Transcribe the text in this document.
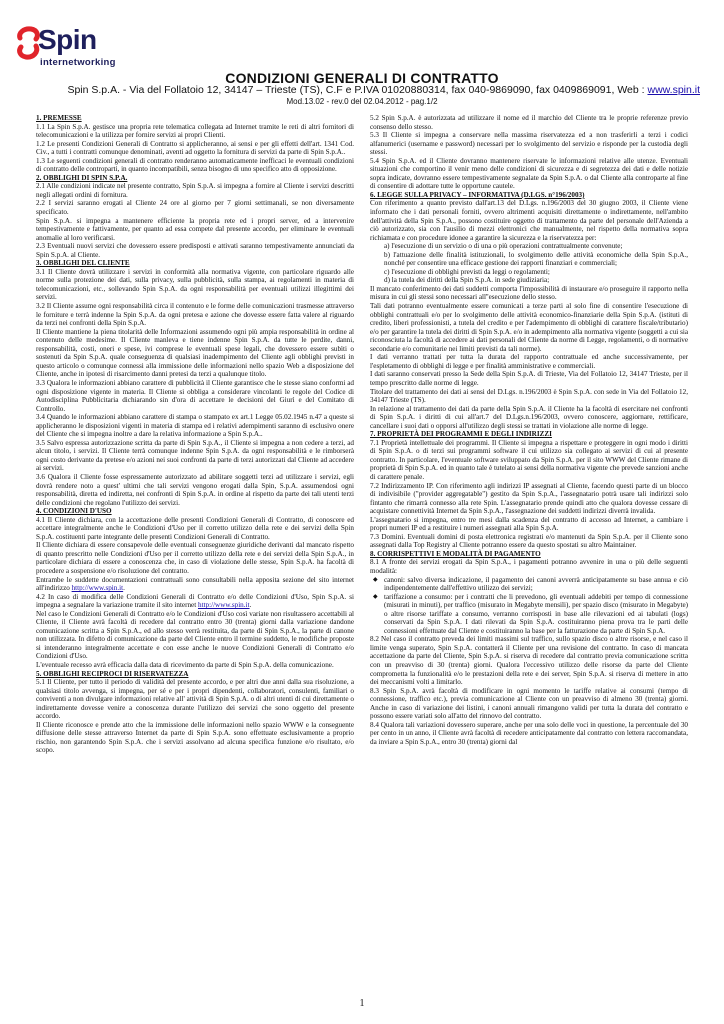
Spin
internetworking
CONDIZIONI GENERALI DI CONTRATTO
Spin S.p.A. - Via del Follatoio 12, 34147 – Trieste (TS), C.F e P.IVA 01020880314, fax 040-9869090, fax 0409869091, Web : www.spin.it
Mod.13.02 - rev.0 del 02.04.2012 - pag.1/2

1. PREMESSE

1.1 La Spin S.p.A. gestisce una propria rete telematica collegata ad Internet tramite le reti di altri fornitori di telecomunicazioni e la utilizza per fornire servizi ai propri Clienti.

1.2 Le presenti Condizioni Generali di Contratto si applicheranno, ai sensi e per gli effetti dell'art. 1341 Cod. Civ., a tutti i contratti comunque denominati, aventi ad oggetto la fornitura di servizi da parte di Spin S.p.A..

1.3 Le seguenti condizioni generali di contratto renderanno automaticamente inefficaci le eventuali condizioni di contratto delle controparti, in quanto incompatibili, senza bisogno di uno specifico atto di opposizione.

2. OBBLIGHI DI SPIN S.P.A.

2.1 Alle condizioni indicate nel presente contratto, Spin S.p.A. si impegna a fornire al Cliente i servizi descritti negli allegati ordini di fornitura.

2.2 I servizi saranno erogati al Cliente 24 ore al giorno per 7 giorni settimanali, se non diversamente specificato.

Spin S.p.A. si impegna a mantenere efficiente la propria rete ed i propri server, ed a intervenire tempestivamente e fattivamente, per quanto ad essa compete dal presente accordo, per eliminare le eventuali anomalie al loro verificarsi.

2.3 Eventuali nuovi servizi che dovessero essere predisposti e attivati saranno tempestivamente annunciati da Spin S.p.A. al Cliente.

3. OBBLIGHI DEL CLIENTE

3.1 Il Cliente dovrà utilizzare i servizi in conformità alla normativa vigente, con particolare riguardo alle norme sulla protezione dei dati, sulla privacy, sulla pubblicità, sulla stampa, ai regolamenti in materia di telecomunicazioni, etc., sollevando Spin S.p.A. da ogni responsabilità per eventuali utilizzi illegittimi dei servizi.

3.2 Il Cliente assume ogni responsabilità circa il contenuto e le forme delle comunicazioni trasmesse attraverso le forniture e terrà indenne la Spin S.p.A. da ogni pretesa e azione che dovesse essere fatta valere al riguardo da terzi nei confronti della Spin S.p.A.

Il Cliente mantiene la piena titolarità delle Informazioni assumendo ogni più ampia responsabilità in ordine al contenuto delle medesime. Il Cliente manleva e tiene indenne Spin S.p.A. da tutte le perdite, danni, responsabilità, costi, oneri e spese, ivi comprese le eventuali spese legali, che dovessero essere subìti o sostenuti da Spin S.p.A. quale conseguenza di qualsiasi inadempimento del Cliente agli obblighi previsti in questo articolo o comunque connessi alla immissione delle informazioni nello spazio Web a disposizione del Cliente, anche in ipotesi di risarcimento danni pretesi da terzi a qualunque titolo.

3.3 Qualora le informazioni abbiano carattere di pubblicità il Cliente garantisce che le stesse siano conformi ad ogni disposizione vigente in materia. Il Cliente si obbliga a considerare vincolanti le regole del Codice di Autodisciplina Pubblicitaria dichiarando sin d'ora di accettare le decisioni del Giurì e del Comitato di Controllo.

3.4 Quando le informazioni abbiano carattere di stampa o stampato ex art.1 Legge 05.02.1945 n.47 a queste si applicheranno le disposizioni vigenti in materia di stampa ed i relativi adempimenti saranno di esclusivo onere del Cliente che si impegna inoltre a dare la relativa informazione a Spin S.p.A..

3.5 Salvo espressa autorizzazione scritta da parte di Spin S.p.A., il Cliente si impegna a non cedere a terzi, ad alcun titolo, i servizi. Il Cliente terrà comunque indenne Spin S.p.A. da ogni responsabilità e le rimborserà ogni costo derivante da pretese e/o azioni nei suoi confronti da parte di terzi autorizzati dal Cliente ad accedere ai servizi.

3.6 Qualora il Cliente fosse espressamente autorizzato ad abilitare soggetti terzi ad utilizzare i servizi, egli dovrà rendere noto a quest' ultimi che tali servizi vengono erogati dalla Spin, S.p.A. assumendosi ogni responsabilità, diretta ed indiretta, nei confronti di Spin S.p.A. in ordine al rispetto da parte dei tali utenti terzi delle condizioni che regolano l'utilizzo dei servizi.

4. CONDIZIONI D'USO

4.1 Il Cliente dichiara, con la accettazione delle presenti Condizioni Generali di Contratto, di conoscere ed accettare integralmente anche le Condizioni d'Uso per il corretto utilizzo della rete e dei servizi della Spin S.p.A. costituenti parte integrante delle presenti Condizioni Generali di Contratto.

Il Cliente dichiara di essere consapevole delle eventuali conseguenze giuridiche derivanti dal mancato rispetto di quanto prescritto nelle Condizioni d'Uso per il corretto utilizzo della rete e dei servizi della Spin S.p.A., in particolare dichiara di essere a conoscenza che, in caso di violazione delle stesse, Spin S.p.A. ha facoltà di procedere a sospensione e/o risoluzione del contratto.

Entrambe le suddette documentazioni contrattuali sono consultabili nella apposita sezione del sito internet all'indirizzo http://www.spin.it.

4.2 In caso di modifica delle Condizioni Generali di Contratto e/o delle Condizioni d'Uso, Spin S.p.A. si impegna a segnalare la variazione tramite il sito internet http://www.spin.it.

Nel caso le Condizioni Generali di Contratto e/o le Condizioni d'Uso così variate non risultassero accettabili al Cliente, il Cliente avrà facoltà di recedere dal contratto entro 30 (trenta) giorni dalla variazione dandone comunicazione scritta a Spin S.p.A., ed allo stesso verrà restituita, da parte di Spin S.p.A., la parte di canone non utilizzata. In difetto di comunicazione da parte del Cliente entro il termine suddetto, le modifiche proposte si intenderanno integralmente accettate e con esse anche le nuove Condizioni Generali di Contratto e/o Condizioni d'Uso.

L'eventuale recesso avrà efficacia dalla data di ricevimento da parte di Spin S.p.A. della comunicazione.

5. OBBLIGHI RECIPROCI DI RISERVATEZZA

5.1 Il Cliente, per tutto il periodo di validità del presente accordo, e per altri due anni dalla sua risoluzione, a qualsiasi titolo avvenga, si impegna, per sé e per i propri dipendenti, collaboratori, consulenti, familiari o conviventi a non divulgare informazioni relative all' attività di Spin S.p.A. o di altri utenti di cui direttamente o indirettamente dovesse venire a conoscenza durante l'utilizzo dei servizi che sono oggetto del presente accordo.

Il Cliente riconosce e prende atto che la immissione delle informazioni nello spazio WWW e la conseguente diffusione delle stesse attraverso Internet da parte di Spin S.p.A. sono effettuate esclusivamente a proprio rischio, non garantendo Spin S.p.A. che i servizi assolvano ad alcuna specifica funzione e/o risultato, e/o scopo.

5.2 Spin S.p.A. è autorizzata ad utilizzare il nome ed il marchio del Cliente tra le proprie referenze previo consenso dello stesso.

5.3 Il Cliente si impegna a conservare nella massima riservatezza ed a non trasferirli a terzi i codici alfanumerici (username e password) necessari per lo svolgimento del servizio e risponde per la custodia degli stessi.

5.4 Spin S.p.A. ed il Cliente dovranno mantenere riservate le informazioni relative alle utenze. Eventuali situazioni che comportino il venir meno delle condizioni di sicurezza e di segretezza dei dati e delle notizie sopra indicate, dovranno essere tempestivamente segnalate da Spin S.p.A. o dal Cliente alla controparte al fine di consentire di adottare tutte le opportune cautele.

6. LEGGE SULLA PRIVACY – INFORMATIVA (D.LGS. n°196/2003)

Con riferimento a quanto previsto dall'art.13 del D.Lgs. n.196/2003 del 30 giugno 2003, il Cliente viene informato che i dati personali forniti, ovvero altrimenti acquisiti direttamente o indirettamente, nell'ambito dell'attività della Spin S.p.A., possono costituire oggetto di trattamento da parte del personale dell'Azienda a ciò autorizzato, sia con l'ausilio di mezzi elettronici che manualmente, nel rispetto della normativa sopra richiamata e con procedure idonee a garantire la sicurezza e la riservatezza per:

a) l'esecuzione di un servizio o di una o più operazioni contrattualmente convenute;
b) l'attuazione delle finalità istituzionali, lo svolgimento delle attività economiche della Spin S.p.A., nonché per consentire una efficace gestione dei rapporti finanziari e commerciali;
c) l'esecuzione di obblighi previsti da leggi o regolamenti;
d) la tutela dei diritti della Spin S.p.A. in sede giudiziaria;

Il mancato conferimento dei dati suddetti comporta l'impossibilità di instaurare e/o proseguire il rapporto nella misura in cui gli stessi sono necessari all''esecuzione dello stesso.

Tali dati potranno eventualmente essere comunicati a terze parti al solo fine di consentire l'esecuzione di obblighi contrattuali e/o per lo svolgimento delle attività economico-finanziarie della Spin S.p.A. (istituti di credito, liberi professionisti, a tutela del credito e per l'adempimento di obblighi di carattere fiscale/tributario) e/o per garantire la tutela dei diritti di Spin S.p.A. e/o in adempimento alla normativa vigente (soggetti a cui sia riconosciuta la facoltà di accedere ai dati personali del Cliente da norme di Legge, regolamenti, o di normative secondarie e/o comunitarie nei limiti previsti da tali norme).

I dati verranno trattati per tutta la durata del rapporto contrattuale ed anche successivamente, per l'espletamento di obblighi di legge e per finalità amministrative e commerciali.

I dati saranno conservati presso la Sede della Spin S.p.A. di Trieste, Via del Follatoio 12, 34147 Trieste, per il tempo prescritto dalle norme di legge.

Titolare del trattamento dei dati ai sensi del D.Lgs. n.196/2003 è Spin S.p.A. con sede in Via del Follatoio 12, 34147 Trieste (TS).

In relazione al trattamento dei dati da parte della Spin S.p.A. il Cliente ha la facoltà di esercitare nei confronti di Spin S.p.A. i diritti di cui all'art.7 del D.Lgs.n.196/2003, ovvero conoscere, aggiornare, rettificare, cancellare i suoi dati o opporsi all'utilizzo degli stessi se trattati in violazione alle norme di legge.

7. PROPRIETÀ DEI PROGRAMMI E DEGLI INDIRIZZI

7.1 Proprietà intellettuale dei programmi. Il Cliente si impegna a rispettare e proteggere in ogni modo i diritti di Spin S.p.A. o di terzi sui programmi software il cui utilizzo sia collegato ai servizi di cui al presente contratto. In particolare, l'eventuale software sviluppato da Spin S.p.A. per il sito WWW del Cliente rimane di proprietà di Spin S.p.A. ed in quanto tale è tutelato ai sensi della normativa vigente che prevede sanzioni anche di carattere penale.

7.2 Indirizzamento IP. Con riferimento agli indirizzi IP assegnati al Cliente, facendo questi parte di un blocco di indivisibile ("provider aggregatable") gestito da Spin S.p.A., l'assegnatario potrà usare tali indirizzi solo fintanto che rimarrà connesso alla rete Spin. L'assegnatario prende quindi atto che qualora dovesse cessare di acquistare connettività Internet da Spin S.p.A., l'assegnazione dei suddetti indirizzi diverrà invalida.

L'assegnatario si impegna, entro tre mesi dalla scadenza del contratto di accesso ad Internet, a cambiare i propri numeri IP ed a restituire i numeri assegnati alla Spin S.p.A.

7.3 Domini. Eventuali domini di posta elettronica registrati e/o mantenuti da Spin S.p.A. per il Cliente sono assegnati dalla Top Registry al Cliente potranno essere da questo spostati su altro Maintainer.

8. CORRISPETTIVI E MODALITÀ DI PAGAMENTO

8.1 A fronte dei servizi erogati da Spin S.p.A., i pagamenti potranno avvenire in una o più delle seguenti modalità:

◆ canoni: salvo diversa indicazione, il pagamento dei canoni avverrà anticipatamente su base annua e ciò indipendentemente dall'effettivo utilizzo dei servizi;
◆ tariffazione a consumo: per i contratti che li prevedono, gli eventuali addebiti per tempo di connessione (misurati in minuti), per traffico (misurato in Megabyte mensili), per spazio disco (misurato in Megabyte) o altre risorse tariffate a consumo, verranno corrisposti in base alle rilevazioni ed ai tabulati (logs) conservati da Spin S.p.A. I dati rilevati da Spin S.p.A. costituiranno piena prova tra le parti delle connessioni effettuate dal Cliente e costituiranno la base per la fatturazione da parte di Spin S.p.A.

8.2 Nel caso il contratto preveda dei limiti massimi sul traffico, sullo spazio disco o altre risorse, e nel caso il limite venga superato, Spin S.p.A. contatterà il Cliente per una revisione del contratto. In caso di mancata accettazione da parte del Cliente, Spin S.p.A. si riserva di recedere dal contratto previa comunicazione scritta con un preavviso di 30 (trenta) giorni. Qualora l'eccessivo utilizzo delle risorse da parte del Cliente comprometta la funzionalità e/o le prestazioni della rete e dei server, Spin S.p.A. si riserva di mettere in atto dei meccanismi volti a limitarlo.

8.3 Spin S.p.A. avrà facoltà di modificare in ogni momento le tariffe relative ai consumi (tempo di connessione, traffico etc.), previa comunicazione al Cliente con un preavviso di almeno 30 (trenta) giorni. Anche in caso di variazione dei listini, i canoni annuali rimangono validi per tutta la durata del contratto e possono essere variati solo all'atto del rinnovo del contratto.

8.4 Qualora tali variazioni dovessero superare, anche per una solo delle voci in questione, la percentuale del 30 per cento in un anno, il Cliente avrà facoltà di recedere anticipatamente dal contratto con lettera raccomandata, da inviare a Spin S.p.A., entro 30 (trenta) giorni dal

1
